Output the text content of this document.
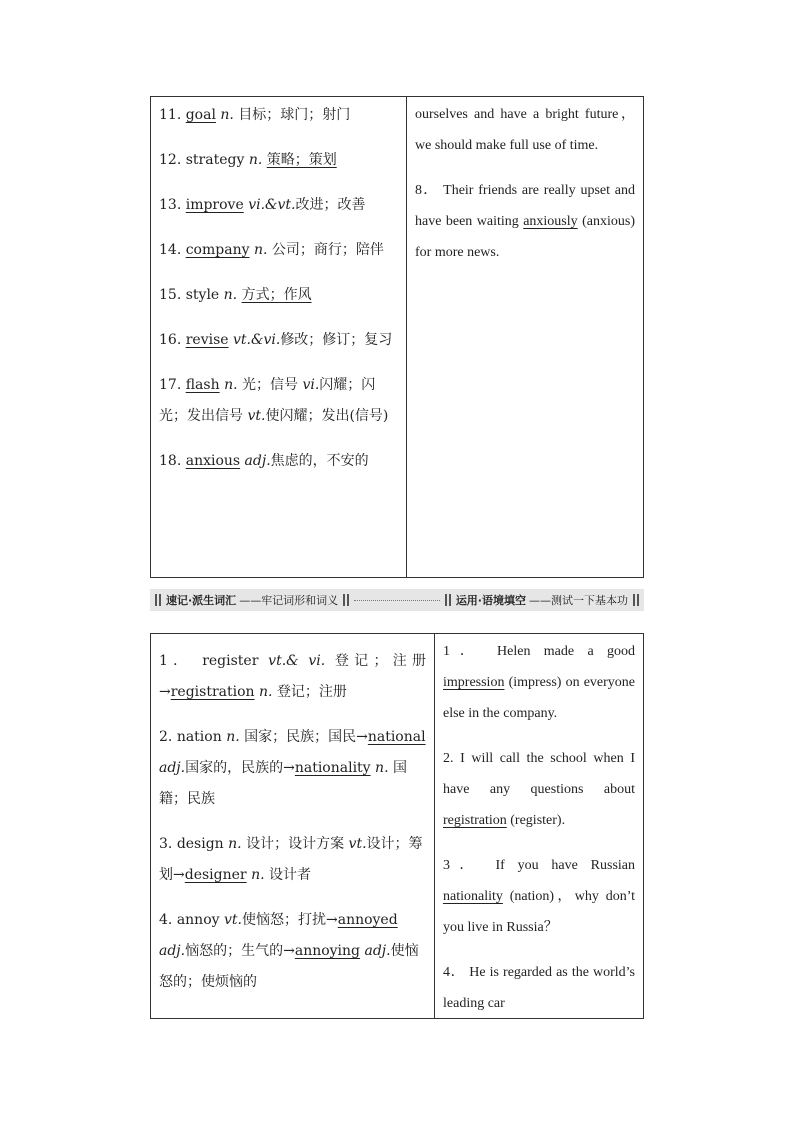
11. goal n. 目标；球门；射门
12. strategy n. 策略；策划
13. improve vi.&vt.改进；改善
14. company n. 公司；商行；陪伴
15. style n. 方式；作风
16. revise vt.&vi.修改；修订；复习
17. flash n. 光；信号 vi.闪耀；闪光；发出信号 vt.使闪耀；发出(信号)
18. anxious adj.焦虑的，不安的
ourselves and have a bright future，we should make full use of time.
8． Their friends are really upset and have been waiting anxiously (anxious) for more news.
速记·派生词汇 ——牢记词形和词义	运用·语境填空 ——测试一下基本功
1． register vt.& vi. 登记；注册 →registration n. 登记；注册
2. nation n. 国家；民族；国民→national adj.国家的，民族的→nationality n. 国籍；民族
3. design n. 设计；设计方案 vt.设计；筹划→designer n. 设计者
4. annoy vt.使恼怒；打扰→annoyed adj.恼怒的；生气的→annoying adj.使恼怒的；使烦恼的
1． Helen made a good impression (impress) on everyone else in the company.
2. I will call the school when I have any questions about registration (register).
3． If you have Russian nationality (nation)，why don’t you live in Russia？
4． He is regarded as the world’s leading car
